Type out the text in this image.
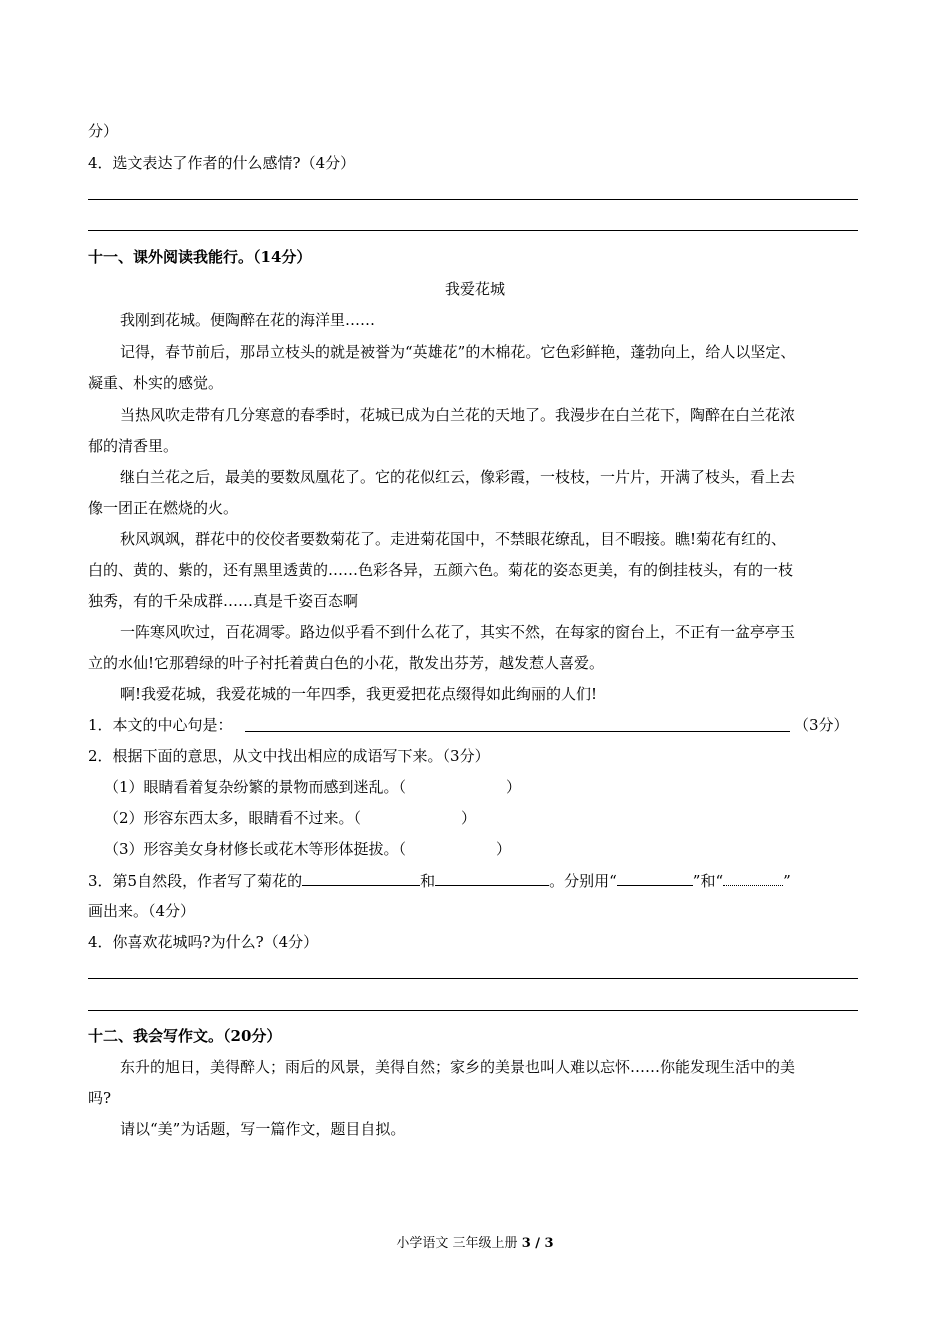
分）
4．选文表达了作者的什么感情?（4分）
十一、课外阅读我能行。（14分）
我爱花城
我刚到花城。便陶醉在花的海洋里……
记得，春节前后，那昂立枝头的就是被誉为“英雄花”的木棉花。它色彩鲜艳，蓬勃向上，给人以坚定、
凝重、朴实的感觉。
当热风吹走带有几分寒意的春季时，花城已成为白兰花的天地了。我漫步在白兰花下，陶醉在白兰花浓
郁的清香里。
继白兰花之后，最美的要数凤凰花了。它的花似红云，像彩霞，一枝枝，一片片，开满了枝头，看上去
像一团正在燃烧的火。
秋风飒飒，群花中的佼佼者要数菊花了。走进菊花国中，不禁眼花缭乱，目不暇接。瞧!菊花有红的、
白的、黄的、紫的，还有黑里透黄的……色彩各异，五颜六色。菊花的姿态更美，有的倒挂枝头，有的一枝
独秀，有的千朵成群……真是千姿百态啊
一阵寒风吹过，百花凋零。路边似乎看不到什么花了，其实不然，在每家的窗台上，不正有一盆亭亭玉
立的水仙!它那碧绿的叶子衬托着黄白色的小花，散发出芬芳，越发惹人喜爱。
啊!我爱花城，我爱花城的一年四季，我更爱把花点缀得如此绚丽的人们!
1．本文的中心句是：	（3分）
2．根据下面的意思，从文中找出相应的成语写下来。（3分）
（1）眼睛看着复杂纷繁的景物而感到迷乱。（	）
（2）形容东西太多，眼睛看不过来。（	）
（3）形容美女身材修长或花木等形体挺拔。（	）
3．第5自然段，作者写了菊花的	和	。分别用“	”和“	”
画出来。（4分）
4．你喜欢花城吗?为什么?（4分）
十二、我会写作文。（20分）
东升的旭日，美得醉人；雨后的风景，美得自然；家乡的美景也叫人难以忘怀……你能发现生活中的美
吗?
请以“美”为话题，写一篇作文，题目自拟。
小学语文 三年级上册 3 / 3
